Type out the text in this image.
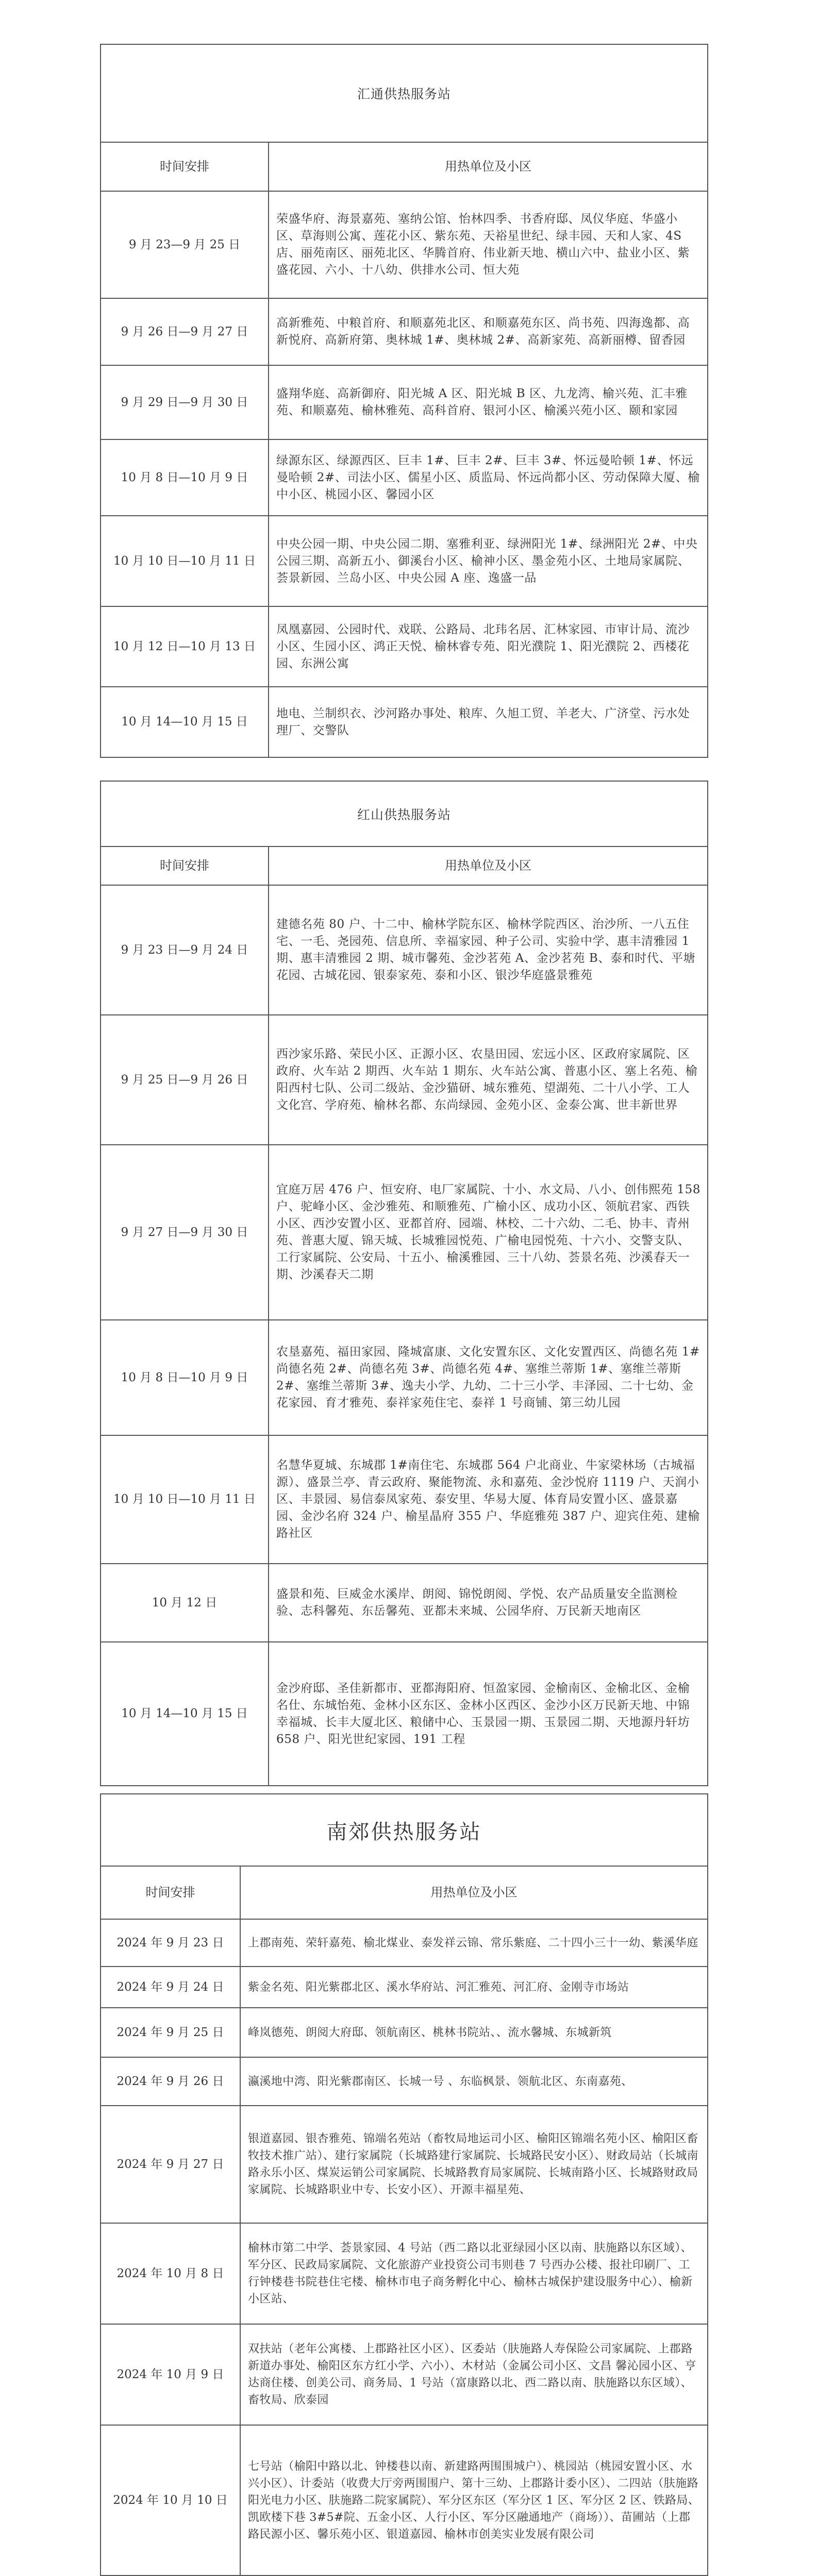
汇通供热服务站
时间安排	用热单位及小区
9 月 23—9 月 25 日	荣盛华府、海景嘉苑、塞纳公馆、怡林四季、书香府邸、凤仪华庭、华盛小区、草海则公寓、莲花小区、紫东苑、天裕星世纪、绿丰园、天和人家、4S 店、丽苑南区、丽苑北区、华腾首府、伟业新天地、横山六中、盐业小区、紫盛花园、六小、十八幼、供排水公司、恒大苑
9 月 26 日—9 月 27 日	高新雅苑、中粮首府、和顺嘉苑北区、和顺嘉苑东区、尚书苑、四海逸都、高新悦府、高新府第、奥林城 1#、奥林城 2#、高新家苑、高新丽樽、留香园
9 月 29 日—9 月 30 日	盛翔华庭、高新御府、阳光城 A 区、阳光城 B 区、九龙湾、榆兴苑、汇丰雅苑、和顺嘉苑、榆林雅苑、高科首府、银河小区、榆溪兴苑小区、颐和家园
10 月 8 日—10 月 9 日	绿源东区、绿源西区、巨丰 1#、巨丰 2#、巨丰 3#、怀远曼哈顿 1#、怀远曼哈顿 2#、司法小区、儒星小区、质监局、怀远尚都小区、劳动保障大厦、榆中小区、桃园小区、馨园小区
10 月 10 日—10 月 11 日	中央公园一期、中央公园二期、塞雅利亚、绿洲阳光 1#、绿洲阳光 2#、中央公园三期、高新五小、御溪台小区、榆神小区、墨金苑小区、土地局家属院、荟景新园、兰岛小区、中央公园 A 座、逸盛一品
10 月 12 日—10 月 13 日	凤凰嘉园、公园时代、戏联、公路局、北玮名居、汇林家园、市审计局、流沙小区、生园小区、鸿正天悦、榆林睿专苑、阳光濮院 1、阳光濮院 2、西楼花园、东洲公寓
10 月 14—10 月 15 日	地电、兰制织衣、沙河路办事处、粮库、久旭工贸、羊老大、广济堂、污水处理厂、交警队
红山供热服务站
时间安排	用热单位及小区
9 月 23 日—9 月 24 日	建德名苑 80 户、十二中、榆林学院东区、榆林学院西区、治沙所、一八五住宅、一毛、尧园苑、信息所、幸福家园、种子公司、实验中学、惠丰清雅园 1 期、惠丰清雅园 2 期、城市馨苑、金沙茗苑 A、金沙茗苑 B、泰和时代、平塘花园、古城花园、银泰家苑、泰和小区、银沙华庭盛景雅苑
9 月 25 日—9 月 26 日	西沙家乐路、荣民小区、正源小区、农垦田园、宏远小区、区政府家属院、区政府、火车站 2 期西、火车站 1 期东、火车站公寓、普惠小区、塞上名苑、榆阳西村七队、公司二级站、金沙猫研、城东雅苑、望湖苑、二十八小学、工人文化宫、学府苑、榆林名都、东尚绿园、金苑小区、金泰公寓、世丰新世界
9 月 27 日—9 月 30 日	宜庭万居 476 户、恒安府、电厂家属院、十小、水文局、八小、创伟熙苑 158 户、驼峰小区、金沙雅苑、和顺雅苑、广榆小区、成功小区、领航君家、西铁小区、西沙安置小区、亚都首府、园端、林校、二十六幼、二毛、协丰、青州苑、普惠大厦、锦天城、长城雅园悦苑、广榆电园悦苑、十六小、交警支队、工行家属院、公安局、十五小、榆溪雅园、三十八幼、荟景名苑、沙溪春天一期、沙溪春天二期
10 月 8 日—10 月 9 日	农垦嘉苑、福田家园、隆城富康、文化安置东区、文化安置西区、尚德名苑 1#尚德名苑 2#、尚德名苑 3#、尚德名苑 4#、塞维兰蒂斯 1#、塞维兰蒂斯 2#、塞维兰蒂斯 3#、逸夫小学、九幼、二十三小学、丰泽园、二十七幼、金花家园、育才雅苑、泰祥家苑住宅、泰祥 1 号商铺、第三幼儿园
10 月 10 日—10 月 11 日	名慧华夏城、东城郡 1#南住宅、东城郡 564 户北商业、牛家梁林场（古城福源）、盛景兰亭、青云政府、聚能物流、永和嘉苑、金沙悦府 1119 户、天润小区、丰景园、易信泰凤家苑、泰安里、华易大厦、体育局安置小区、盛景嘉园、金沙名府 324 户、榆星晶府 355 户、华庭雅苑 387 户、迎宾住苑、建榆路社区
10 月 12 日	盛景和苑、巨威金水溪岸、朗阅、锦悦朗阅、学悦、农产品质量安全监测检验、志科馨苑、东岳馨苑、亚都未来城、公园华府、万民新天地南区
10 月 14—10 月 15 日	金沙府邸、圣佳新都市、亚都海阳府、恒盈家园、金榆南区、金榆北区、金榆名仕、东城怡苑、金林小区东区、金林小区西区、金沙小区万民新天地、中锦幸福城、长丰大厦北区、粮储中心、玉景园一期、玉景园二期、天地源丹轩坊 658 户、阳光世纪家园、191 工程
南郊供热服务站
时间安排	用热单位及小区
2024 年 9 月 23 日	上郡南苑、荣轩嘉苑、榆北煤业、泰发祥云锦、常乐紫庭、二十四小三十一幼、紫溪华庭
2024 年 9 月 24 日	紫金名苑、阳光紫郡北区、溪水华府站、河汇雅苑、河汇府、金刚寺市场站
2024 年 9 月 25 日	峰岚德苑、朗阅大府邸、领航南区、桃林书院站、、流水馨城、东城新筑
2024 年 9 月 26 日	瀛溪地中湾、阳光紫郡南区、长城一号 、东临枫景、领航北区、东南嘉苑、
2024 年 9 月 27 日	银道嘉园、银杏雅苑、锦端名苑站（畜牧局地运司小区、榆阳区锦端名苑小区、榆阳区畜牧技术推广站）、建行家属院（长城路建行家属院、长城路民安小区）、财政局站（长城南路永乐小区、煤炭运销公司家属院、长城路教育局家属院、长城南路小区、长城路财政局家属院、长城路职业中专、长安小区）、开源丰福星苑、
2024 年 10 月 8 日	榆林市第二中学、荟景家园、4 号站（西二路以北亚绿园小区以南、肤施路以东区域）、军分区、民政局家属院、文化旅游产业投资公司韦则巷 7 号西办公楼、报社印刷厂、工行钟楼巷书院巷住宅楼、榆林市电子商务孵化中心、榆林古城保护建设服务中心）、榆新小区站、
2024 年 10 月 9 日	双扶站（老年公寓楼、上郡路社区小区）、区委站（肤施路人寿保险公司家属院、上郡路新道办事处、榆阳区东方红小学、六小）、木材站（金属公司小区、文昌 馨沁园小区、亨达商住楼、创美公司、商务局、1 号站（富康路以北、西二路以南、肤施路以东区域）、畜牧局、欣泰园
2024 年 10 月 10 日	七号站（榆阳中路以北、钟楼巷以南、新建路两围围城户）、桃园站（桃园安置小区、水兴小区）、计委站（收费大厅旁两围围户、第十三幼、上郡路计委小区）、二四站（肤施路阳光电力小区、肤施路二院家属院）、军分区东区（军分区 1 区、军分区 2 区、铁路局、凯欧楼下巷 3#5#院、五金小区、人行小区、军分区融通地产（商场））、苗圃站（上郡路民源小区、馨乐苑小区、银道嘉园、榆林市创美实业发展有限公司
